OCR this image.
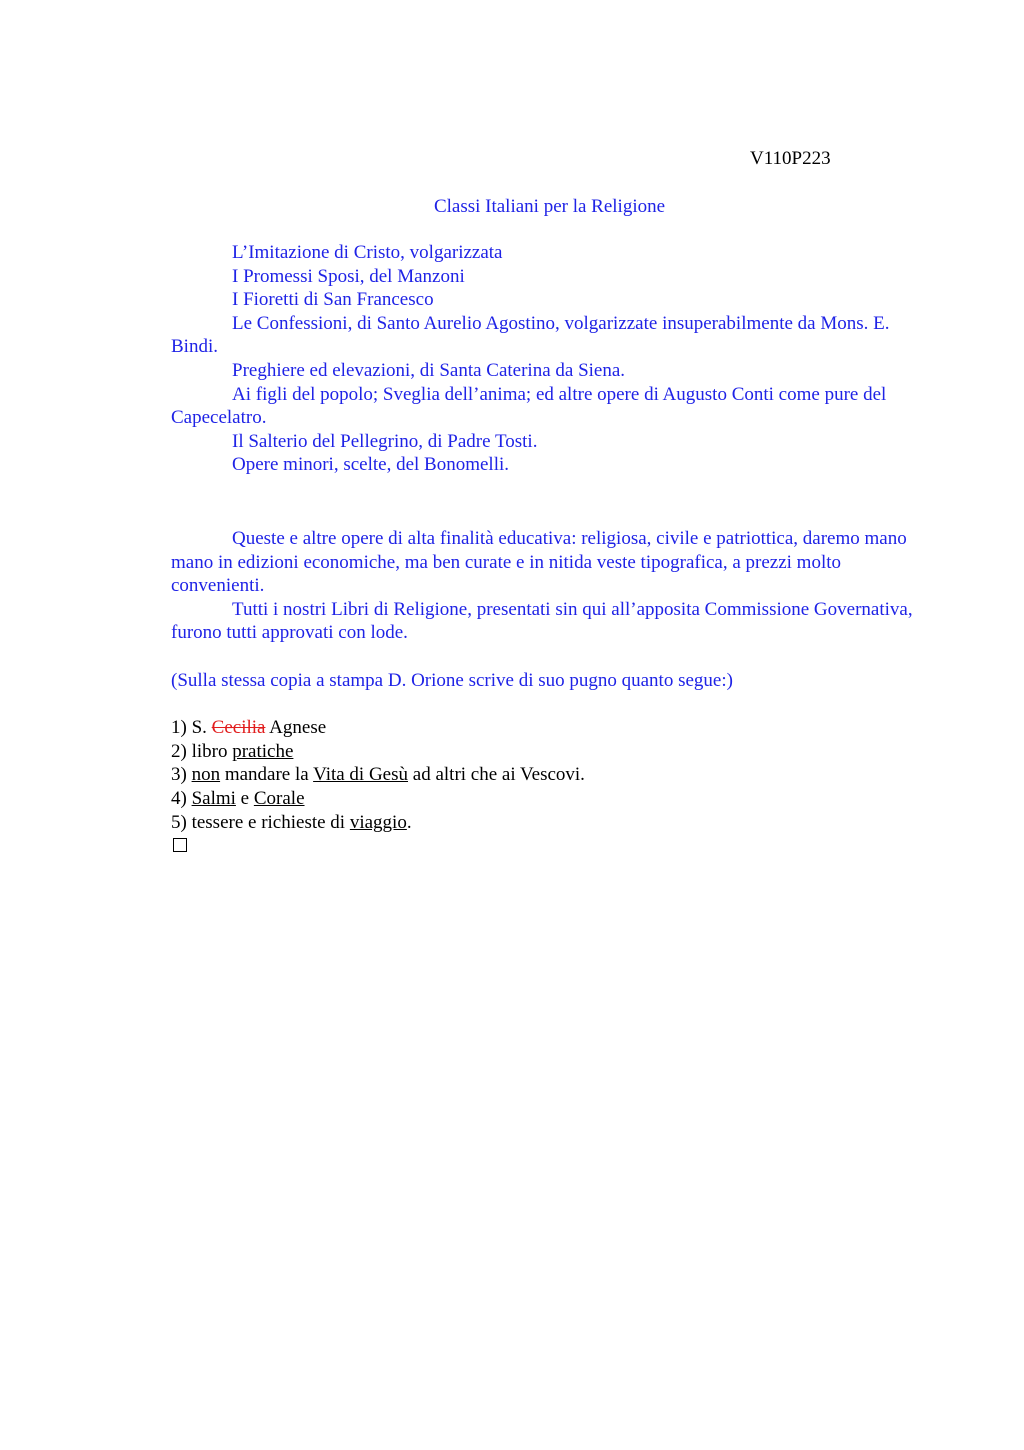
V110P223
Classi Italiani per la Religione

L’Imitazione di Cristo, volgarizzata

I Promessi Sposi, del Manzoni

I Fioretti di San Francesco

Le Confessioni, di Santo Aurelio Agostino, volgarizzate insuperabilmente da Mons. E. Bindi.

Preghiere ed elevazioni, di Santa Caterina da Siena.

Ai figli del popolo; Sveglia dell’anima; ed altre opere di Augusto Conti come pure del Capecelatro.

Il Salterio del Pellegrino, di Padre Tosti.

Opere minori, scelte, del Bonomelli.

Queste e altre opere di alta finalità educativa: religiosa, civile e patriottica, daremo mano mano in edizioni economiche, ma ben curate e in nitida veste tipografica, a prezzi molto convenienti.

Tutti i nostri Libri di Religione, presentati sin qui all’apposita Commissione Governativa, furono tutti approvati con lode.

(Sulla stessa copia a stampa D. Orione scrive di suo pugno quanto segue:)
1) S. Cecilia Agnese
2) libro pratiche
3) non mandare la Vita di Gesù ad altri che ai Vescovi.
4) Salmi e Corale
5) tessere e richieste di viaggio.
